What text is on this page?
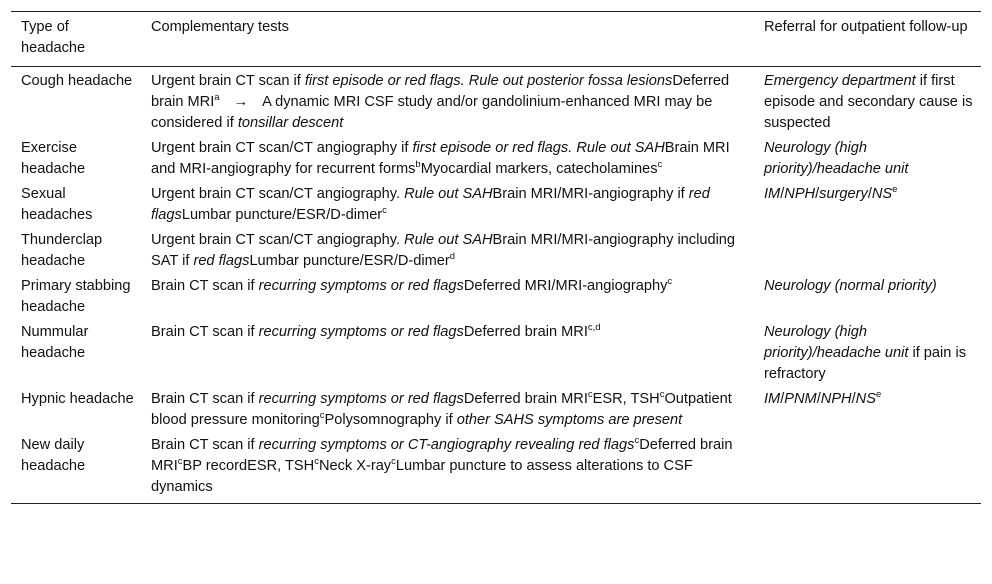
Type of headache	Complementary tests	Referral for outpatient follow-up
Cough headache	Urgent brain CT scan if first episode or red flags. Rule out posterior fossa lesionsDeferred brain $MRI^a \to A$ dynamic MRI CSF study and/or gandolinium-enhanced MRI may be considered if tonsillar descent	Emergency department if first episode and secondary cause is suspected
Exercise headache	Urgent brain CT scan/CT angiography if first episode or red flags. Rule out SAHBrain MRI and MRI-angiography for recurrent forms$^b$Myocardial markers, catecholamines$^c$	Neurology (high priority)/headache unit
Sexual headaches	Urgent brain CT scan/CT angiography. Rule out SAHBrain MRI/MRI-angiography if red flagsLumbar puncture/ESR/D-dimer$^c$	$IM/NPH/surgery/NS^e$
Thunderclap headache	Urgent brain CT scan/CT angiography. Rule out SAHBrain MRI/MRI-angiography including SAT if red flagsLumbar puncture/ESR/D-dimer$^d$	
Primary stabbing headache	Brain CT scan if recurring symptoms or red flagsDeferred MRI/MRI-angiography$^c$	Neurology (normal priority)
Nummular headache	Brain CT scan if recurring symptoms or red flagsDeferred brain MRI$^{c,d}$	Neurology (high priority)/headache unit if pain is refractory
Hypnic headache	Brain CT scan if recurring symptoms or red flagsDeferred brain MRI$^c$ESR, TSH$^c$Outpatient blood pressure monitoring$^c$Polysomnography if other SAHS symptoms are present	$IM/PNM/NPH/NS^e$
New daily headache	Brain CT scan if recurring symptoms or CT-angiography revealing red flags$^c$Deferred brain MRI$^c$BP recordESR, TSH$^c$Neck X-ray$^c$Lumbar puncture to assess alterations to CSF dynamics	
